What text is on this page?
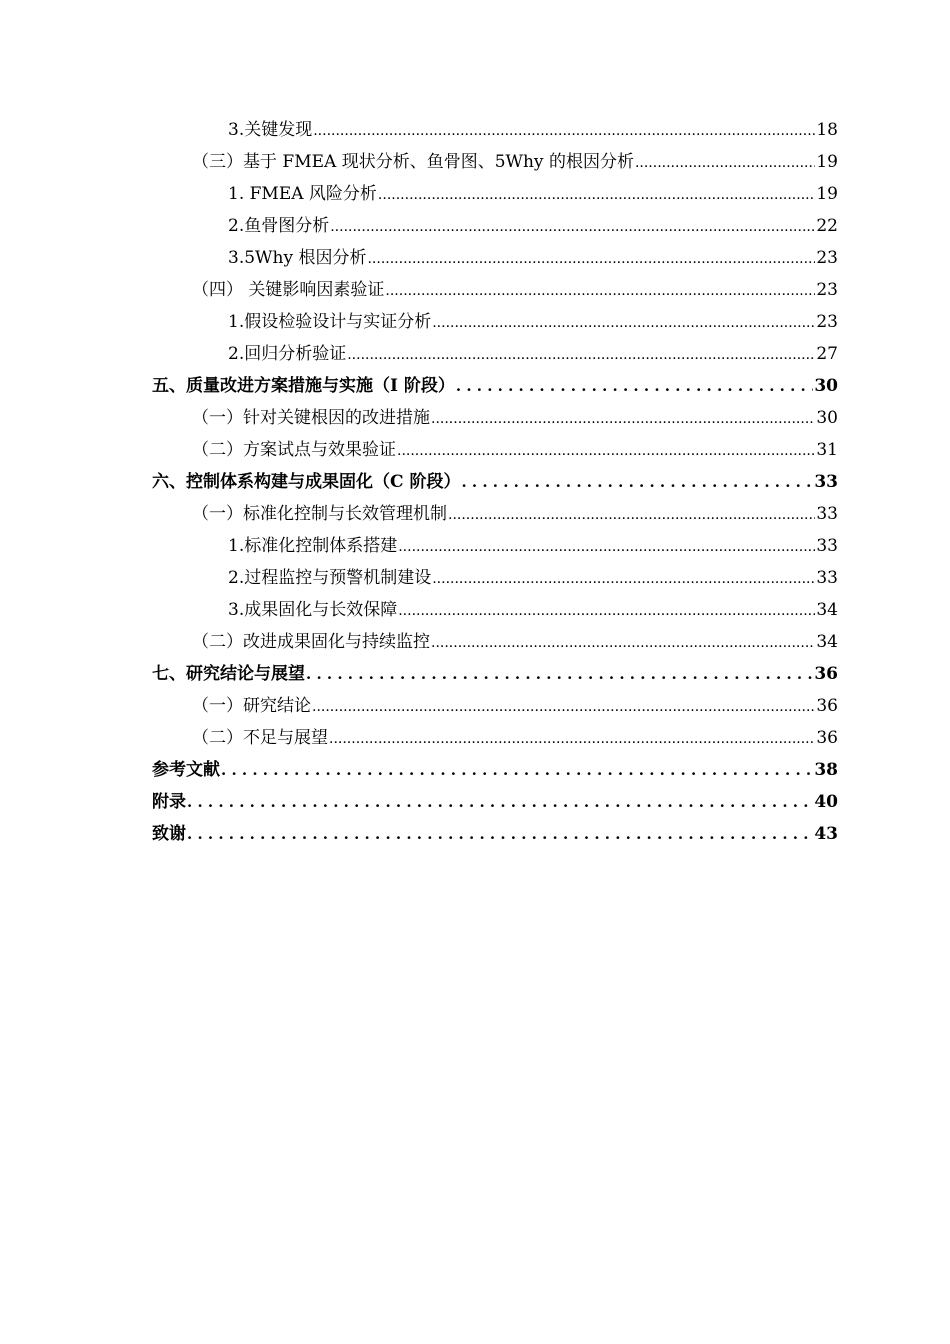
3.关键发现 .....	18
（三）基于 FMEA 现状分析、鱼骨图、5Why 的根因分析 .....	19
1. FMEA 风险分析 .....	19
2.鱼骨图分析 .....	22
3.5Why 根因分析 .....	23
（四） 关键影响因素验证 .....	23
1.假设检验设计与实证分析 .....	23
2.回归分析验证 .....	27
五、质量改进方案措施与实施（I 阶段） . . .	30
（一）针对关键根因的改进措施 .....	30
（二）方案试点与效果验证 .....	31
六、控制体系构建与成果固化（C 阶段） . . .	33
（一）标准化控制与长效管理机制 .....	33
1.标准化控制体系搭建 .....	33
2.过程监控与预警机制建设 .....	33
3.成果固化与长效保障 .....	34
（二）改进成果固化与持续监控 .....	34
七、研究结论与展望 . . .	36
（一）研究结论 .....	36
（二）不足与展望 .....	36
参考文献 . . .	38
附录 . . .	40
致谢 . . .	43
